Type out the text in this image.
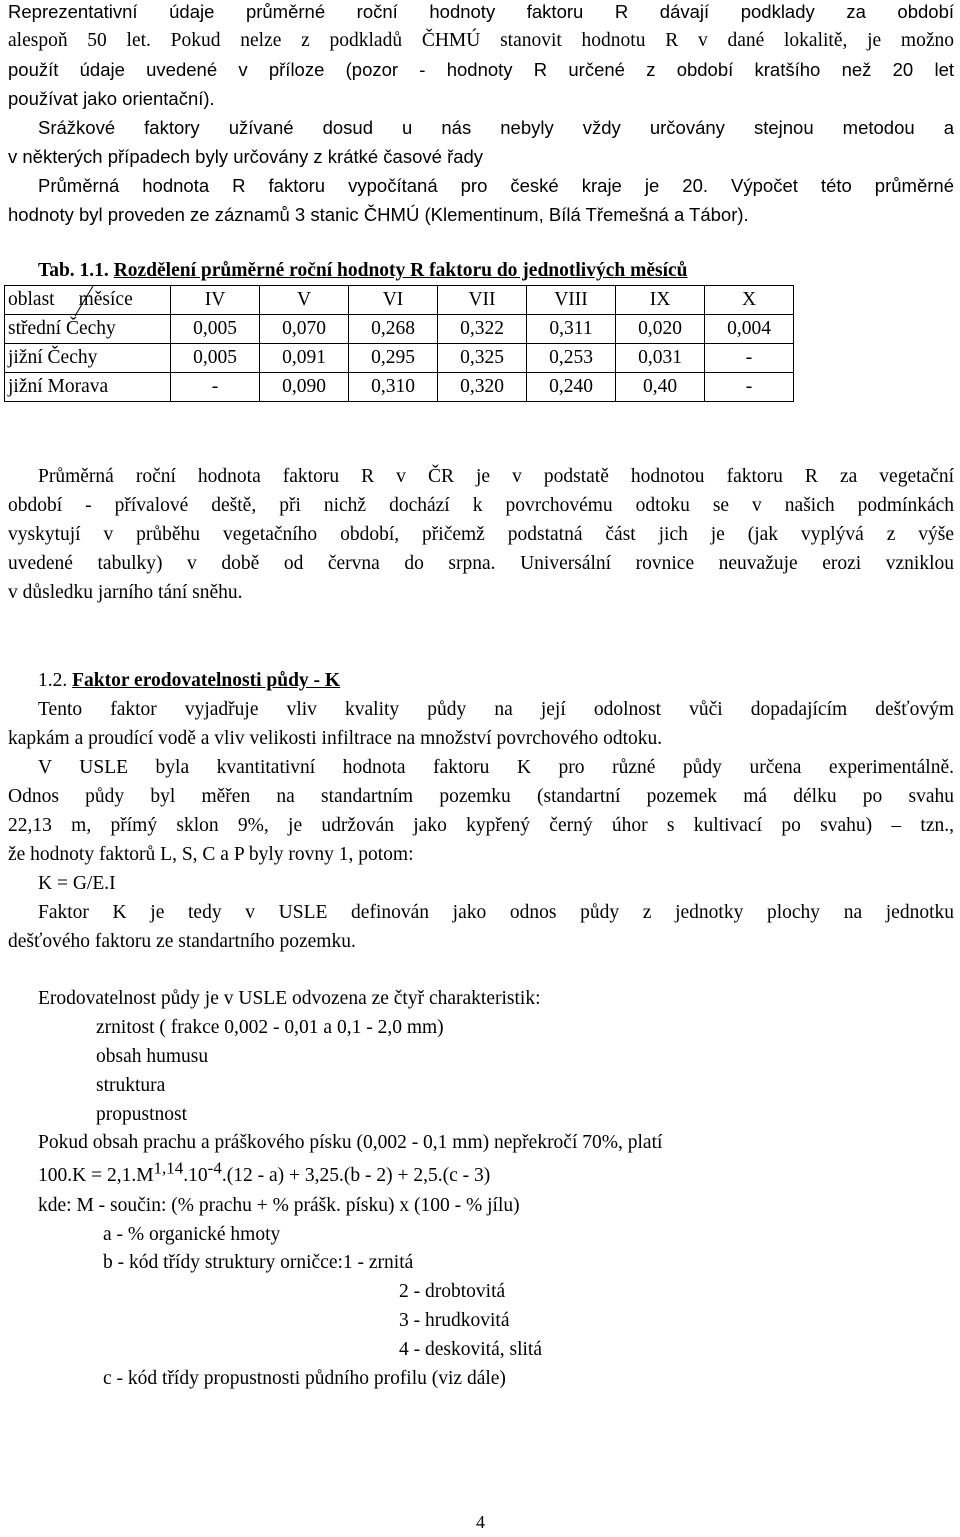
Reprezentativní údaje průměrné roční hodnoty faktoru R dávají podklady za období
alespoň 50 let. Pokud nelze z podkladů ČHMÚ stanovit hodnotu R v dané lokalitě, je možno
použít údaje uvedené v příloze (pozor - hodnoty R určené z období kratšího než 20 let
používat jako orientační).
Srážkové faktory užívané dosud u nás nebyly vždy určovány stejnou metodou a
v některých případech byly určovány z krátké časové řady
Průměrná hodnota R faktoru vypočítaná pro české kraje je 20. Výpočet této průměrné
hodnoty byl proveden ze záznamů 3 stanic ČHMÚ (Klementinum, Bílá Třemešná a Tábor).
Tab. 1.1. Rozdělení průměrné roční hodnoty R faktoru do jednotlivých měsíců
oblast měsíce	IV	V	VI	VII	VIII	IX	X
střední Čechy	0,005	0,070	0,268	0,322	0,311	0,020	0,004
jižní Čechy	0,005	0,091	0,295	0,325	0,253	0,031	-
jižní Morava	-	0,090	0,310	0,320	0,240	0,40	-
Průměrná roční hodnota faktoru R v ČR je v podstatě hodnotou faktoru R za vegetační
období - přívalové deště, při nichž dochází k povrchovému odtoku se v našich podmínkách
vyskytují v průběhu vegetačního období, přičemž podstatná část jich je (jak vyplývá z výše
uvedené tabulky) v době od června do srpna. Universální rovnice neuvažuje erozi vzniklou
v důsledku jarního tání sněhu.
1.2. Faktor erodovatelnosti půdy - K
Tento faktor vyjadřuje vliv kvality půdy na její odolnost vůči dopadajícím dešťovým
kapkám a proudící vodě a vliv velikosti infiltrace na množství povrchového odtoku.
V USLE byla kvantitativní hodnota faktoru K pro různé půdy určena experimentálně.
Odnos půdy byl měřen na standartním pozemku (standartní pozemek má délku po svahu
22,13 m, přímý sklon 9%, je udržován jako kypřený černý úhor s kultivací po svahu) – tzn.,
že hodnoty faktorů L, S, C a P byly rovny 1, potom:
K = G/E.I
Faktor K je tedy v USLE definován jako odnos půdy z jednotky plochy na jednotku
dešťového faktoru ze standartního pozemku.
Erodovatelnost půdy je v USLE odvozena ze čtyř charakteristik:
zrnitost ( frakce 0,002 - 0,01 a 0,1 - 2,0 mm)
obsah humusu
struktura
propustnost
Pokud obsah prachu a práškového písku (0,002 - 0,1 mm) nepřekročí 70%, platí
$100.K = 2,1.M^{1,14}.10^{-4}.(12 - a) + 3,25.(b - 2) + 2,5.(c - 3)$
kde: M - součin: (% prachu + % prášk. písku) x (100 - % jílu)
a - % organické hmoty
b - kód třídy struktury orničce:1 - zrnitá
2 - drobtovitá
3 - hrudkovitá
4 - deskovitá, slitá
c - kód třídy propustnosti půdního profilu (viz dále)
4
